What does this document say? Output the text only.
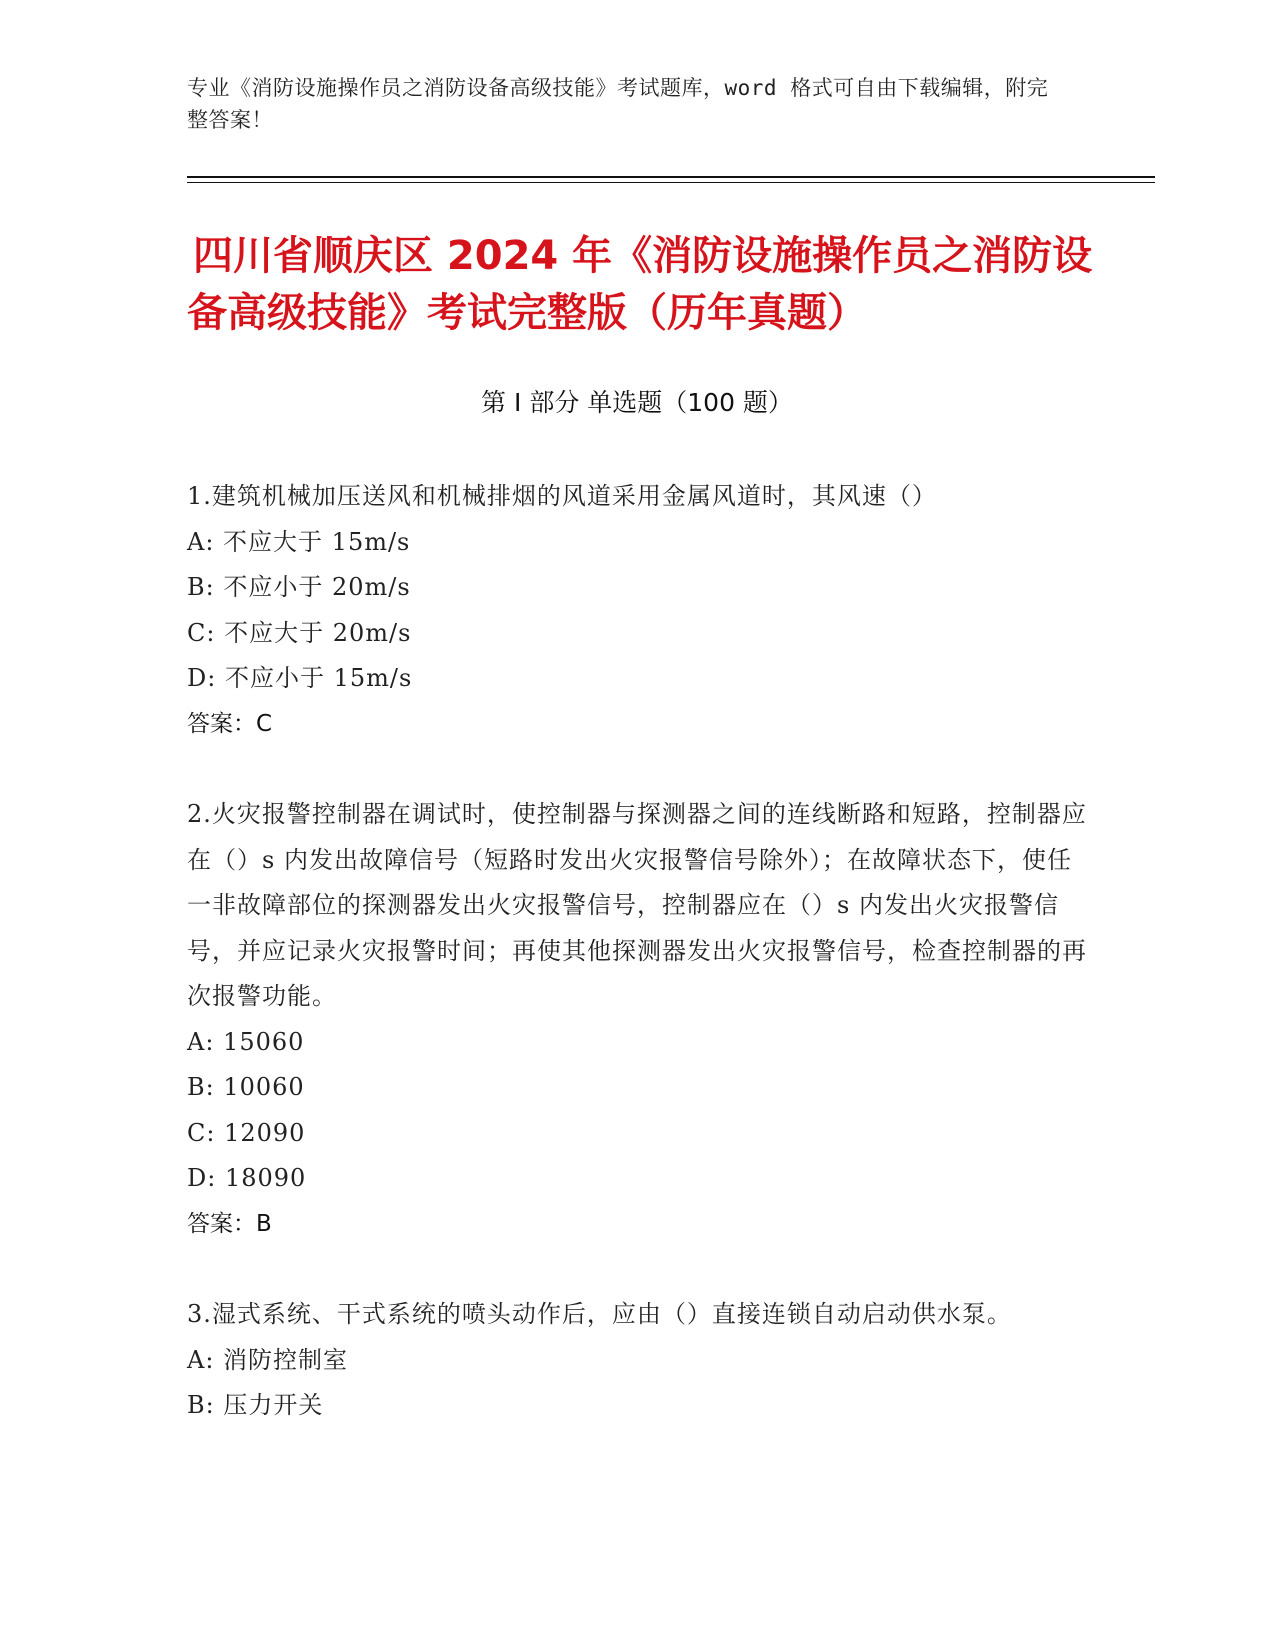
专业《消防设施操作员之消防设备高级技能》考试题库，word 格式可自由下载编辑，附完整答案！
四川省顺庆区 2024 年《消防设施操作员之消防设备高级技能》考试完整版（历年真题）
第 I 部分 单选题（100 题）
1.建筑机械加压送风和机械排烟的风道采用金属风道时，其风速（）
A: 不应大于 15m/s
B: 不应小于 20m/s
C: 不应大于 20m/s
D: 不应小于 15m/s
答案：C
2.火灾报警控制器在调试时，使控制器与探测器之间的连线断路和短路，控制器应在（）s 内发出故障信号（短路时发出火灾报警信号除外）；在故障状态下，使任一非故障部位的探测器发出火灾报警信号，控制器应在（）s 内发出火灾报警信号，并应记录火灾报警时间；再使其他探测器发出火灾报警信号，检查控制器的再次报警功能。
A: 15060
B: 10060
C: 12090
D: 18090
答案：B
3.湿式系统、干式系统的喷头动作后，应由（）直接连锁自动启动供水泵。
A: 消防控制室
B: 压力开关
